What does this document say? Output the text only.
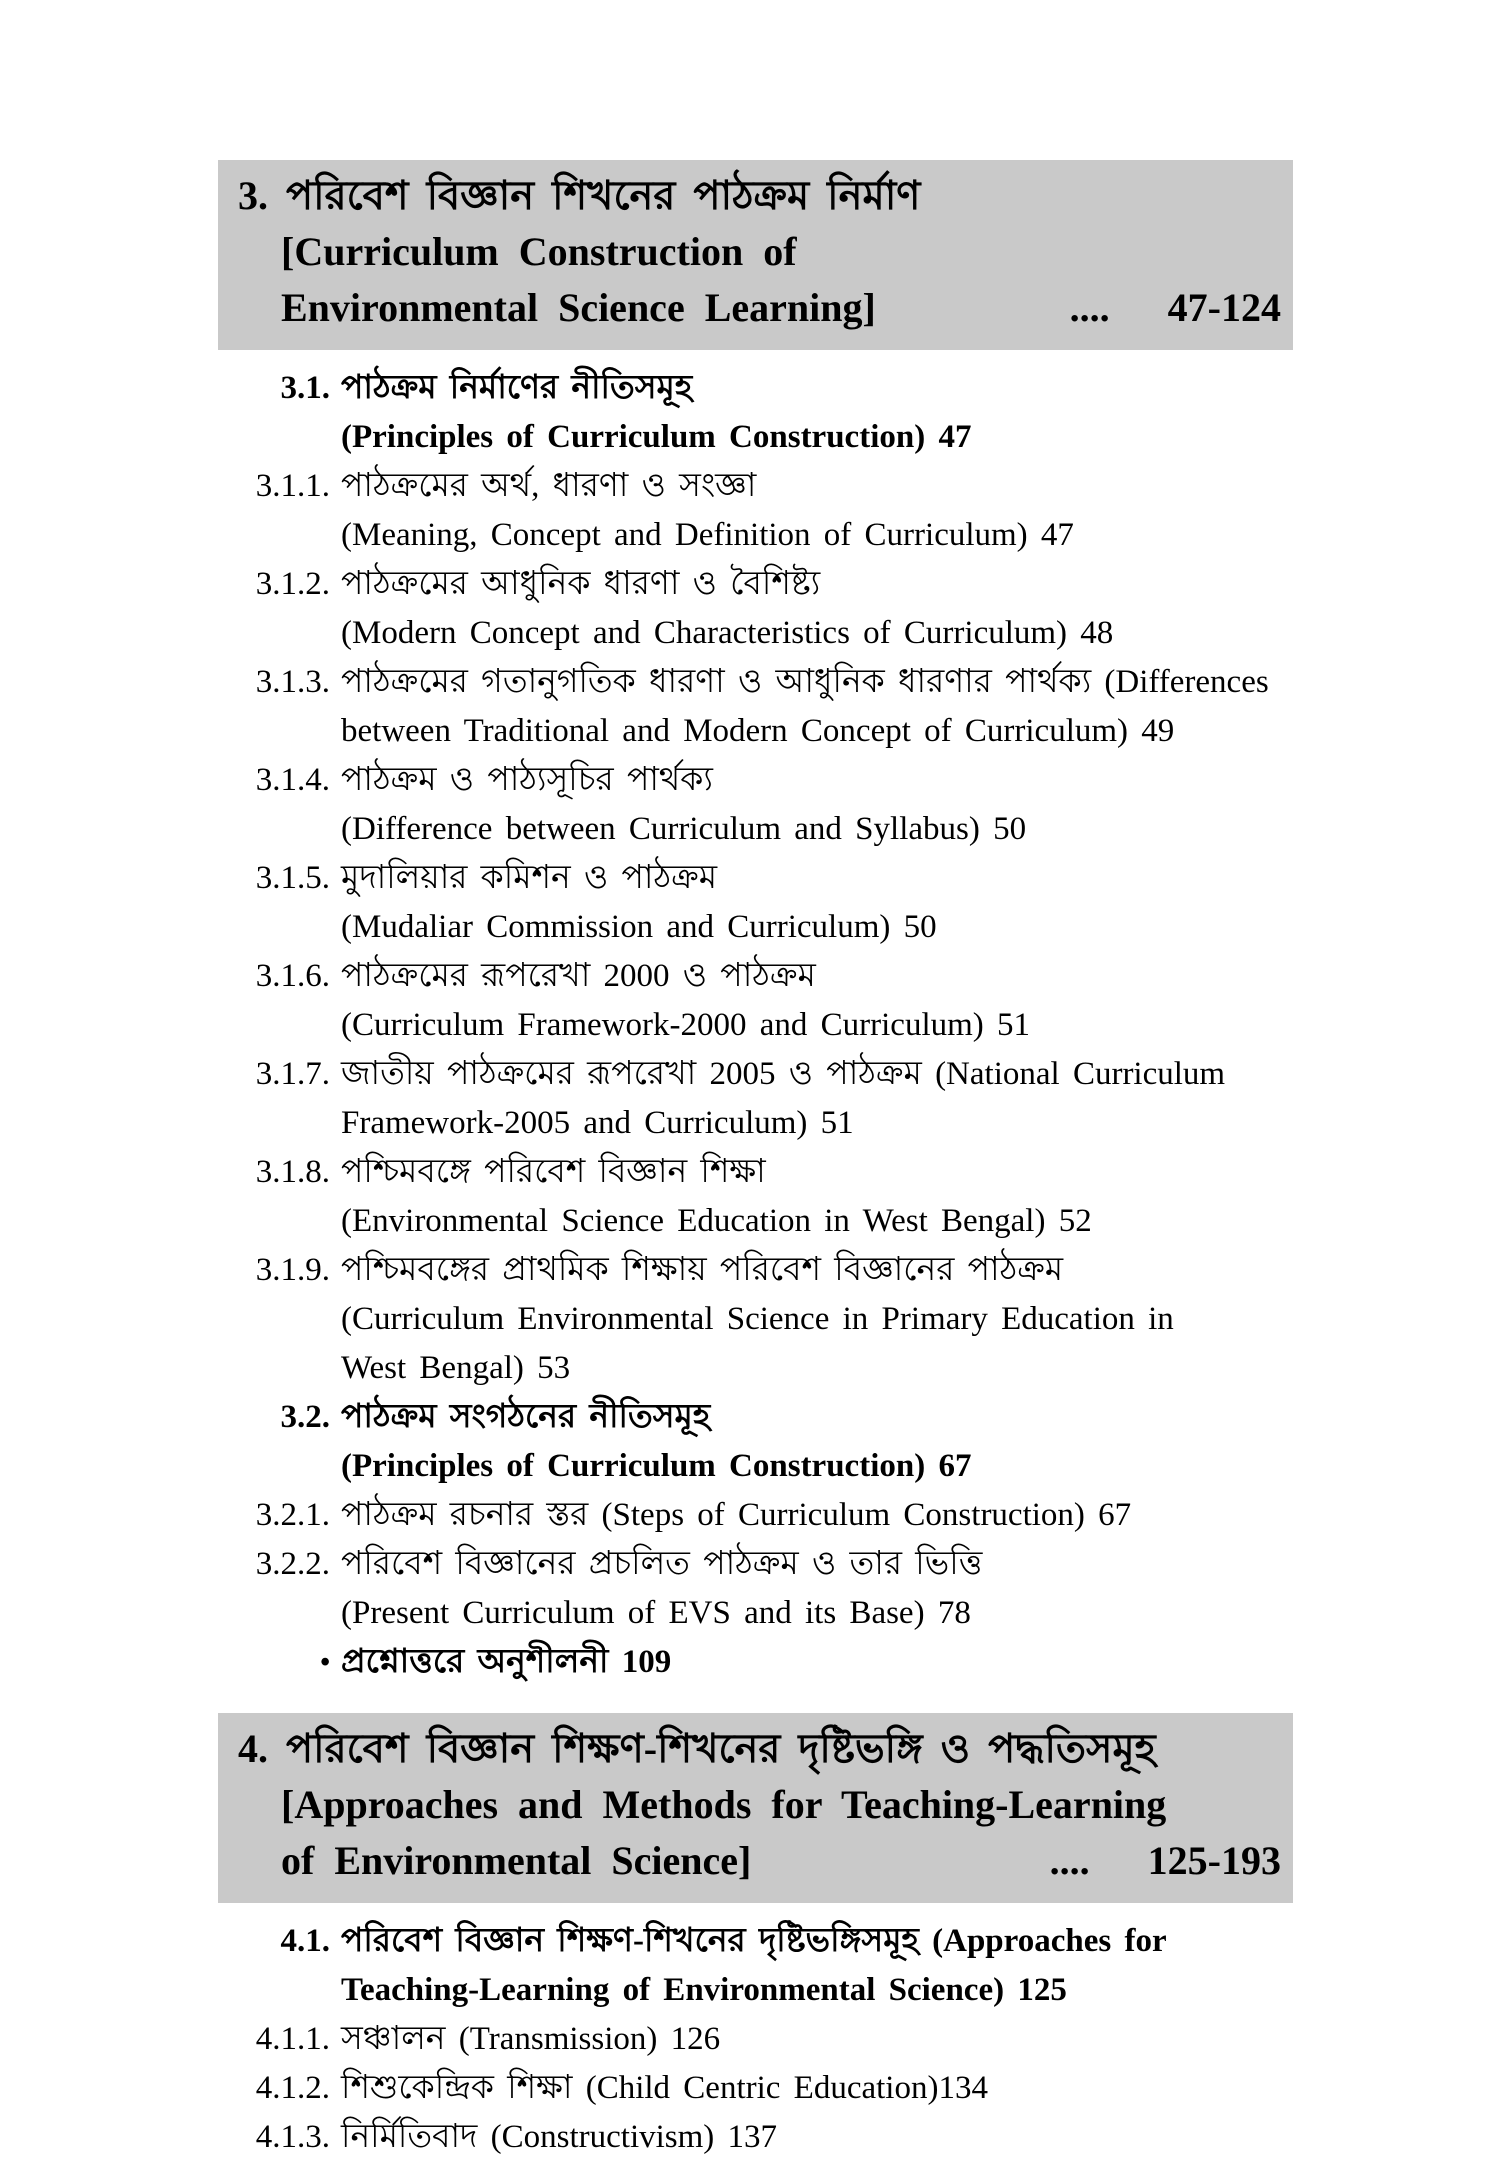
3. পরিবেশ বিজ্ঞান শিখনের পাঠক্রম নির্মাণ
[Curriculum Construction of
Environmental Science Learning]	.... 47-124
3.1. পাঠক্রম নির্মাণের নীতিসমূহ
(Principles of Curriculum Construction) 47
3.1.1. পাঠক্রমের অর্থ, ধারণা ও সংজ্ঞা
(Meaning, Concept and Definition of Curriculum) 47
3.1.2. পাঠক্রমের আধুনিক ধারণা ও বৈশিষ্ট্য
(Modern Concept and Characteristics of Curriculum) 48
3.1.3. পাঠক্রমের গতানুগতিক ধারণা ও আধুনিক ধারণার পার্থক্য (Differences
between Traditional and Modern Concept of Curriculum) 49
3.1.4. পাঠক্রম ও পাঠ্যসূচির পার্থক্য
(Difference between Curriculum and Syllabus) 50
3.1.5. মুদালিয়ার কমিশন ও পাঠক্রম
(Mudaliar Commission and Curriculum) 50
3.1.6. পাঠক্রমের রূপরেখা 2000 ও পাঠক্রম
(Curriculum Framework-2000 and Curriculum) 51
3.1.7. জাতীয় পাঠক্রমের রূপরেখা 2005 ও পাঠক্রম (National Curriculum
Framework-2005 and Curriculum) 51
3.1.8. পশ্চিমবঙ্গে পরিবেশ বিজ্ঞান শিক্ষা
(Environmental Science Education in West Bengal) 52
3.1.9. পশ্চিমবঙ্গের প্রাথমিক শিক্ষায় পরিবেশ বিজ্ঞানের পাঠক্রম
(Curriculum Environmental Science in Primary Education in
West Bengal) 53
3.2. পাঠক্রম সংগঠনের নীতিসমূহ
(Principles of Curriculum Construction) 67
3.2.1. পাঠক্রম রচনার স্তর (Steps of Curriculum Construction) 67
3.2.2. পরিবেশ বিজ্ঞানের প্রচলিত পাঠক্রম ও তার ভিত্তি
(Present Curriculum of EVS and its Base) 78
• প্রশ্নোত্তরে অনুশীলনী 109
4. পরিবেশ বিজ্ঞান শিক্ষণ-শিখনের দৃষ্টিভঙ্গি ও পদ্ধতিসমূহ
[Approaches and Methods for Teaching-Learning
of Environmental Science]	.... 125-193
4.1. পরিবেশ বিজ্ঞান শিক্ষণ-শিখনের দৃষ্টিভঙ্গিসমূহ (Approaches for
Teaching-Learning of Environmental Science) 125
4.1.1. সঞ্চালন (Transmission) 126
4.1.2. শিশুকেন্দ্রিক শিক্ষা (Child Centric Education)134
4.1.3. নির্মিতিবাদ (Constructivism) 137
